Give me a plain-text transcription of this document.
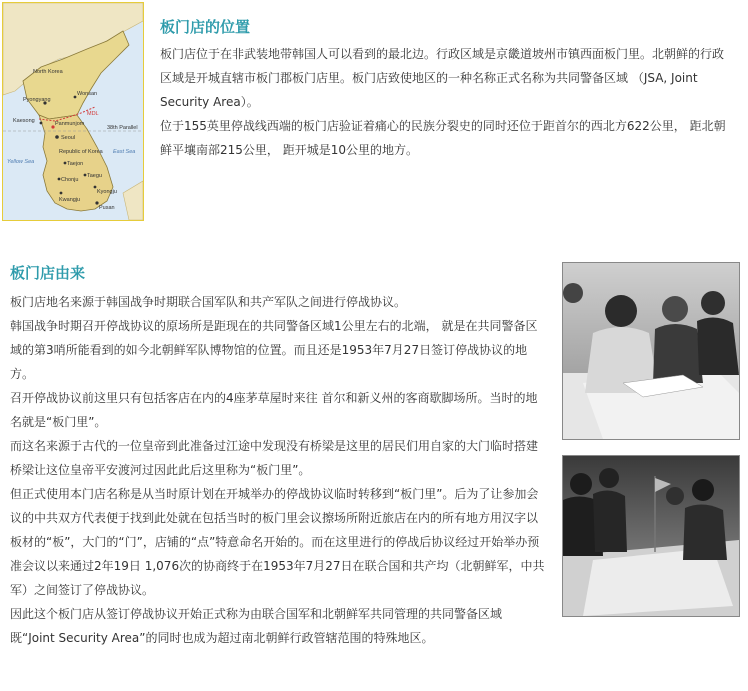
North Korea
Pyongyang
Wonsan
Kaesong	Panmunjom
Seoul
Republic of Korea
Taejon
Chonju
Taegu
Kwangju
Kyongju
Pusan
MDL
38th Parallel
Yellow Sea
East Sea
板门店的位置

板门店位于在非武装地带韩国人可以看到的最北边。行政区域是京畿道坡州市镇西面板门里。北朝鲜的行政区域是开城直辖市板门郡板门店里。板门店致使地区的一种名称正式名称为共同警备区域 （JSA, Joint Security Area）。

位于155英里停战线西端的板门店验证着痛心的民族分裂史的同时还位于距首尔的西北方622公里， 距北朝鲜平壤南部215公里， 距开城是10公里的地方。

板门店由来

板门店地名来源于韩国战争时期联合国军队和共产军队之间进行停战协议。

韩国战争时期召开停战协议的原场所是距现在的共同警备区域1公里左右的北端， 就是在共同警备区域的第3哨所能看到的如今北朝鲜军队博物馆的位置。而且还是1953年7月27日签订停战协议的地方。

召开停战协议前这里只有包括客店在内的4座茅草屋时来往 首尔和新义州的客商歇脚场所。当时的地名就是“板门里”。

而这名来源于古代的一位皇帝到此准备过江途中发现没有桥梁是这里的居民们用自家的大门临时搭建桥梁让这位皇帝平安渡河过因此此后这里称为“板门里”。

但正式使用本门店名称是从当时原计划在开城举办的停战协议临时转移到“板门里”。后为了让参加会议的中共双方代表便于找到此处就在包括当时的板门里会议擦场所附近旅店在内的所有地方用汉字以板材的“板”，大门的“门”，店铺的“点”特意命名开始的。而在这里进行的停战后协议经过开始举办预准会议以来通过2年19日 1,076次的协商终于在1953年7月27日在联合国和共产均（北朝鲜军，中共军）之间签订了停战协议。

因此这个板门店从签订停战协议开始正式称为由联合国军和北朝鲜军共同管理的共同警备区域既“Joint Security Area”的同时也成为超过南北朝鲜行政管辖范围的特殊地区。
